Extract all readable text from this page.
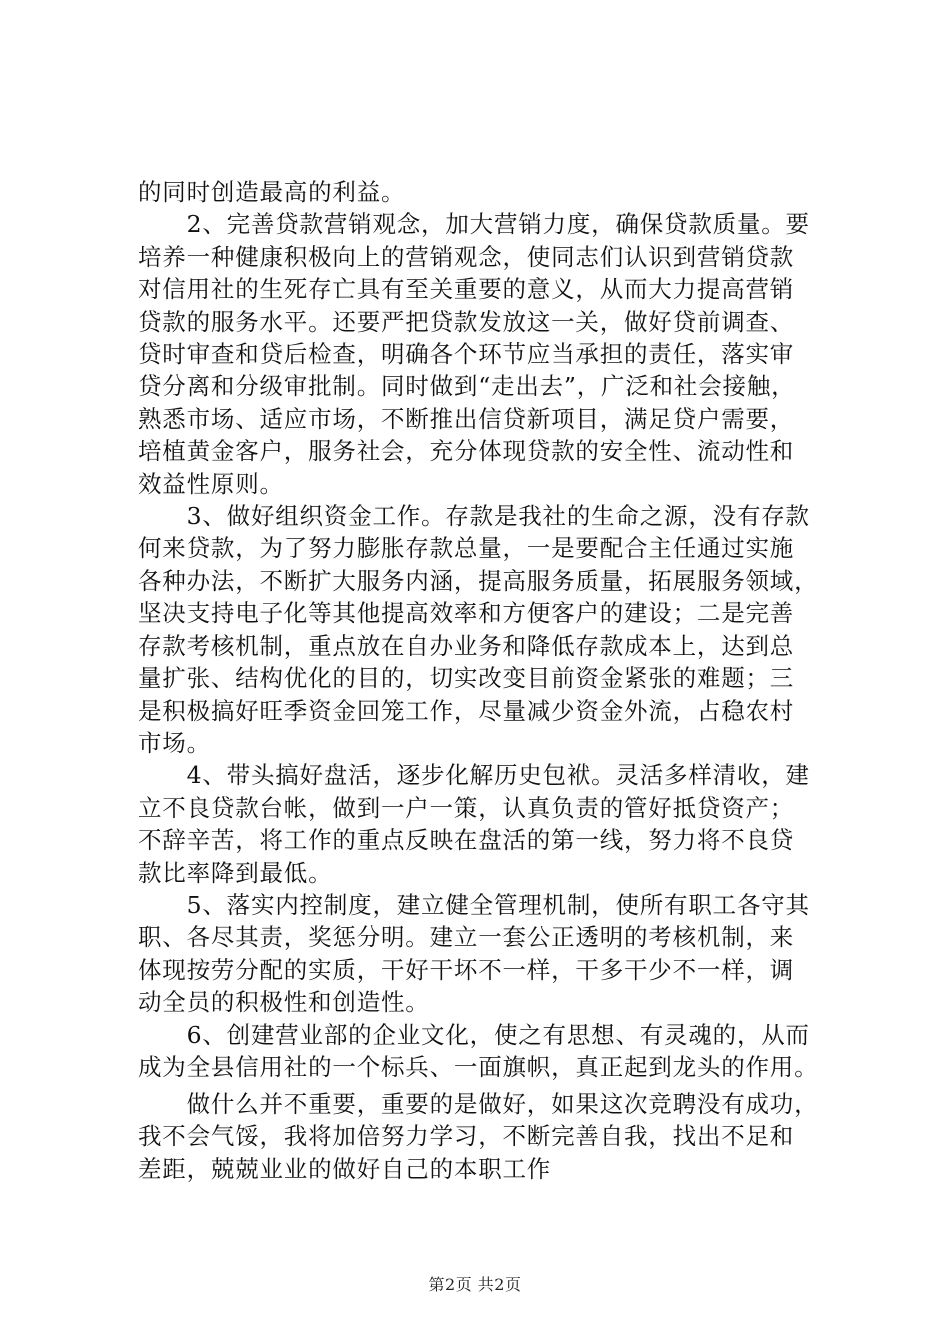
的同时创造最高的利益。
　　2、完善贷款营销观念，加大营销力度，确保贷款质量。要
培养一种健康积极向上的营销观念，使同志们认识到营销贷款
对信用社的生死存亡具有至关重要的意义，从而大力提高营销
贷款的服务水平。还要严把贷款发放这一关，做好贷前调查、
贷时审查和贷后检查，明确各个环节应当承担的责任，落实审
贷分离和分级审批制。同时做到“走出去”，广泛和社会接触，
熟悉市场、适应市场，不断推出信贷新项目，满足贷户需要，
培植黄金客户，服务社会，充分体现贷款的安全性、流动性和
效益性原则。
　　3、做好组织资金工作。存款是我社的生命之源，没有存款
何来贷款，为了努力膨胀存款总量，一是要配合主任通过实施
各种办法，不断扩大服务内涵，提高服务质量，拓展服务领域，
坚决支持电子化等其他提高效率和方便客户的建设；二是完善
存款考核机制，重点放在自办业务和降低存款成本上，达到总
量扩张、结构优化的目的，切实改变目前资金紧张的难题；三
是积极搞好旺季资金回笼工作，尽量减少资金外流，占稳农村
市场。
　　4、带头搞好盘活，逐步化解历史包袱。灵活多样清收，建
立不良贷款台帐，做到一户一策，认真负责的管好抵贷资产；
不辞辛苦，将工作的重点反映在盘活的第一线，努力将不良贷
款比率降到最低。
　　5、落实内控制度，建立健全管理机制，使所有职工各守其
职、各尽其责，奖惩分明。建立一套公正透明的考核机制，来
体现按劳分配的实质，干好干坏不一样，干多干少不一样，调
动全员的积极性和创造性。
　　6、创建营业部的企业文化，使之有思想、有灵魂的，从而
成为全县信用社的一个标兵、一面旗帜，真正起到龙头的作用。
　　做什么并不重要，重要的是做好，如果这次竞聘没有成功，
我不会气馁，我将加倍努力学习，不断完善自我，找出不足和
差距，兢兢业业的做好自己的本职工作
第2页 共2页
